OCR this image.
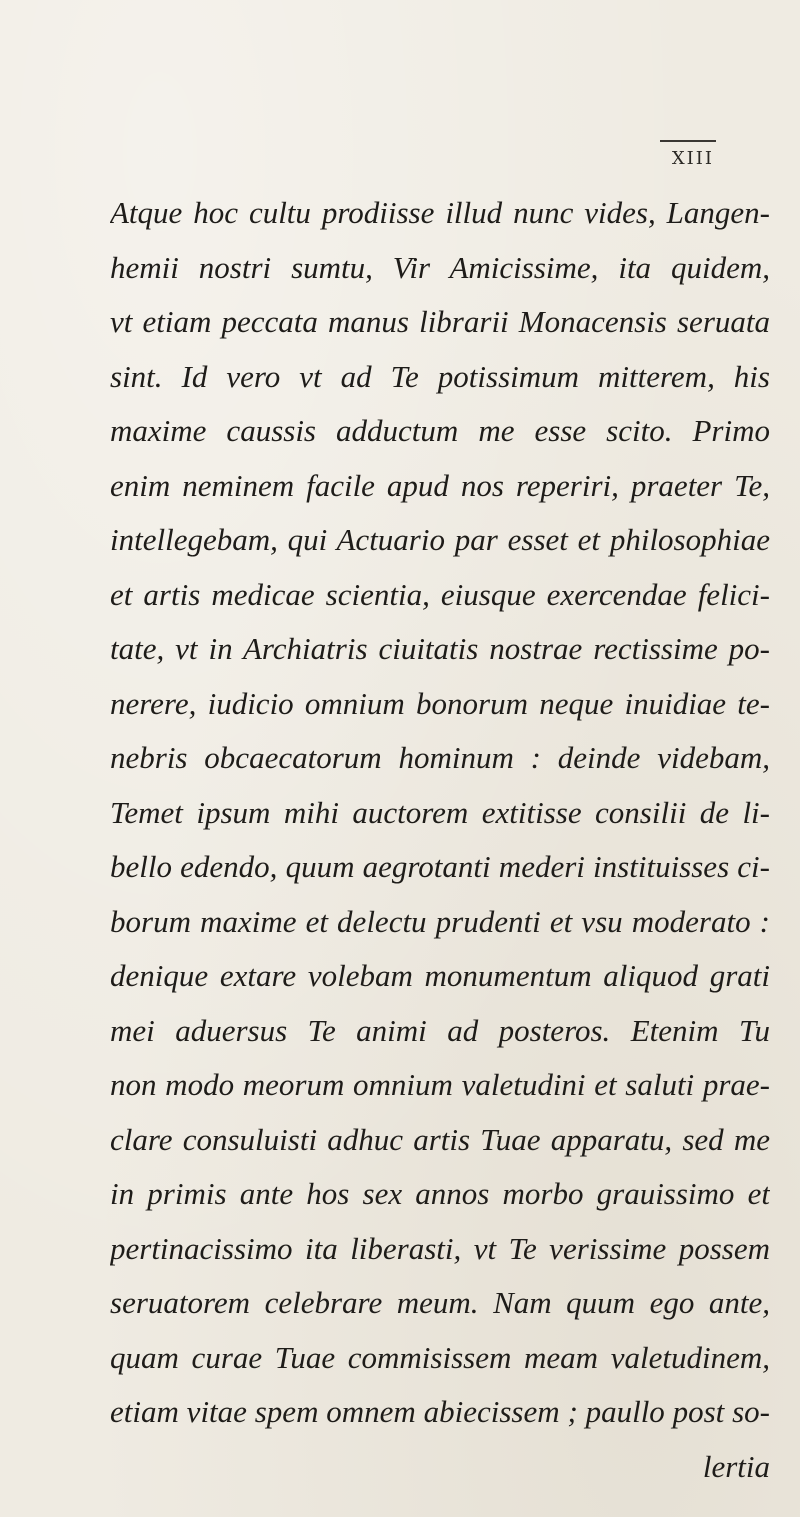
XIII
Atque hoc cultu prodiisse illud nunc vides, Langen-
hemii nostri sumtu, Vir Amicissime, ita quidem,
vt etiam peccata manus librarii Monacensis seruata
sint. Id vero vt ad Te potissimum mitterem, his
maxime caussis adductum me esse scito. Primo
enim neminem facile apud nos reperiri, praeter Te,
intellegebam, qui Actuario par esset et philosophiae
et artis medicae scientia, eiusque exercendae felici-
tate, vt in Archiatris ciuitatis nostrae rectissime po-
nerere, iudicio omnium bonorum neque inuidiae te-
nebris obcaecatorum hominum : deinde videbam,
Temet ipsum mihi auctorem extitisse consilii de li-
bello edendo, quum aegrotanti mederi instituisses ci-
borum maxime et delectu prudenti et vsu moderato :
denique extare volebam monumentum aliquod grati
mei aduersus Te animi ad posteros. Etenim Tu
non modo meorum omnium valetudini et saluti prae-
clare consuluisti adhuc artis Tuae apparatu, sed me
in primis ante hos sex annos morbo grauissimo et
pertinacissimo ita liberasti, vt Te verissime possem
seruatorem celebrare meum. Nam quum ego ante,
quam curae Tuae commisissem meam valetudinem,
etiam vitae spem omnem abiecissem ; paullo post so-
lertia
